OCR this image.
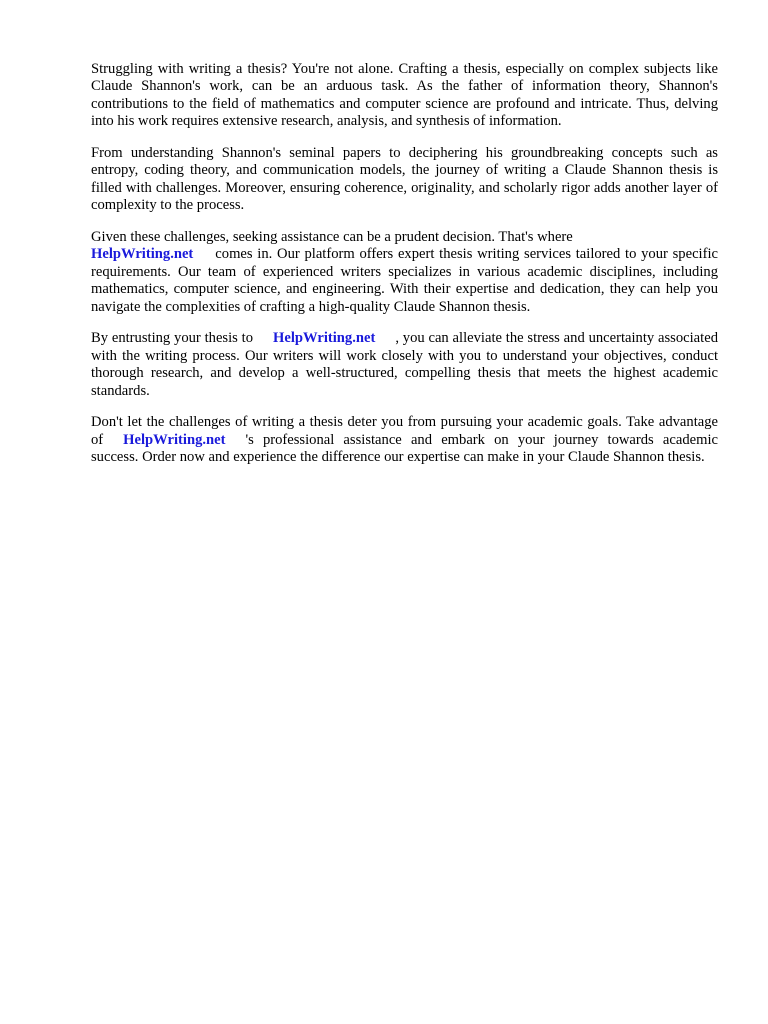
Struggling with writing a thesis? You're not alone. Crafting a thesis, especially on complex subjects like Claude Shannon's work, can be an arduous task. As the father of information theory, Shannon's contributions to the field of mathematics and computer science are profound and intricate. Thus, delving into his work requires extensive research, analysis, and synthesis of information.

From understanding Shannon's seminal papers to deciphering his groundbreaking concepts such as entropy, coding theory, and communication models, the journey of writing a Claude Shannon thesis is filled with challenges. Moreover, ensuring coherence, originality, and scholarly rigor adds another layer of complexity to the process.

Given these challenges, seeking assistance can be a prudent decision. That's where
HelpWriting.net comes in. Our platform offers expert thesis writing services tailored to your specific requirements. Our team of experienced writers specializes in various academic disciplines, including mathematics, computer science, and engineering. With their expertise and dedication, they can help you navigate the complexities of crafting a high-quality Claude Shannon thesis.

By entrusting your thesis to HelpWriting.net , you can alleviate the stress and uncertainty associated with the writing process. Our writers will work closely with you to understand your objectives, conduct thorough research, and develop a well-structured, compelling thesis that meets the highest academic standards.

Don't let the challenges of writing a thesis deter you from pursuing your academic goals. Take advantage of HelpWriting.net 's professional assistance and embark on your journey towards academic success. Order now and experience the difference our expertise can make in your Claude Shannon thesis.
